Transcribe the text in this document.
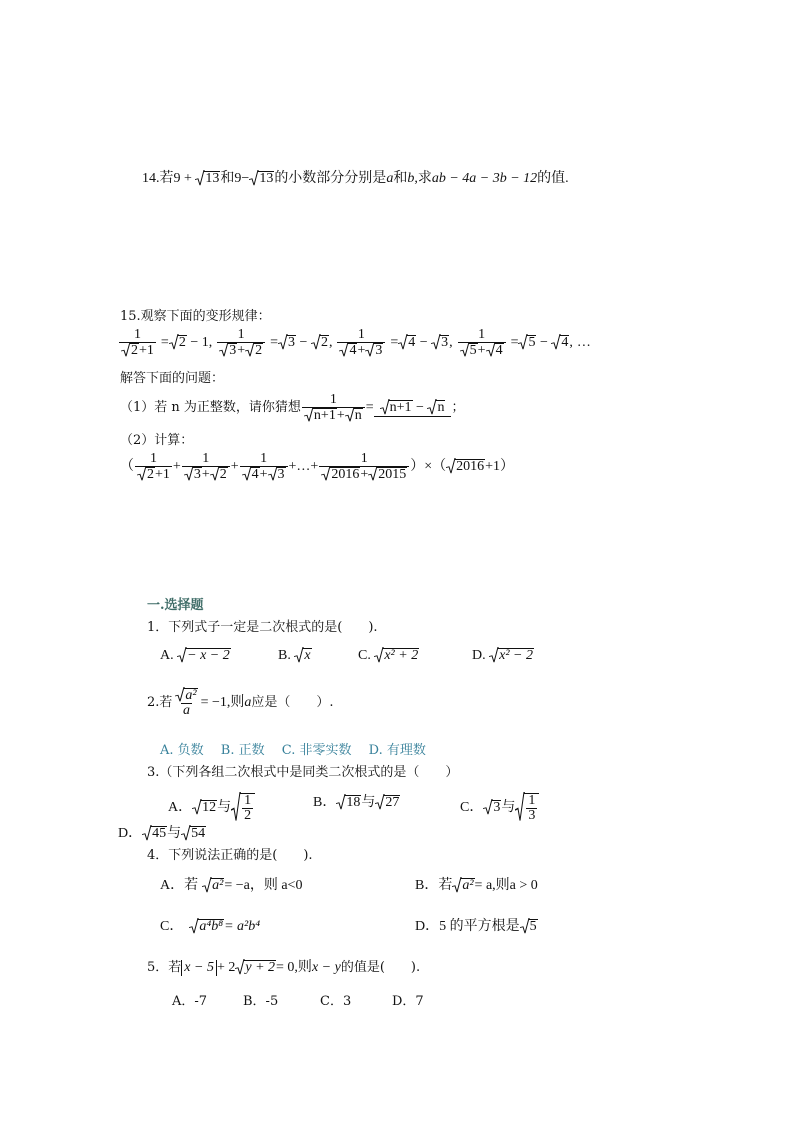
14.若9 + 13和9− 13的小数部分分别是a和b,求ab − 4a − 3b − 12的值.
15.观察下面的变形规律：
$\frac{1}{2+1} = 2 - 1$, $\frac{1}{3+ 2} = 3$ −
2, $\frac{1}{4+ 3} = 4$ −
3, $\frac{1}{5+ 4} = 5$ −
4, …
解答下面的问题：
（1）若 n 为正整数，请你猜想 $\frac{1}{n+1+ n}$ =	n+1 −
n ；
（2）计算：
（
1
2+1
+ $\frac{1}{3+ 2} + \frac{1}{4+ 3}$ +…+ $\frac{1}{2016+ 2015}$ ）×（ 2016 +1）
一.选择题
1．下列式子一定是二次根式的是(　　).
A. − x − 2	B. x	C. x² + 2	D. x² − 2
2.若 $\frac{\text{a²}}{a} = -1$,则 a 应是（　　）.
A. 负数　 B. 正数　 C. 非零实数　 D. 有理数
3.（下列各组二次根式中是同类二次根式的是（　　）
A． 12 与 $\frac{1}{2}$	B． 18 与 27	C． 3 与 $\frac{1}{3}$
D． 45 与 54
4．下列说法正确的是(　　).
A．若	a² = −a，则 a<0	B．若 a² = a,则a > 0
C．	a⁴b⁸ = a²b⁴	D．5 的平方根是 5
5．若 x − 5 + 2 y + 2 = 0,则 x − y 的值是(　　).
A．-7	B．-5	C．3	D．7
